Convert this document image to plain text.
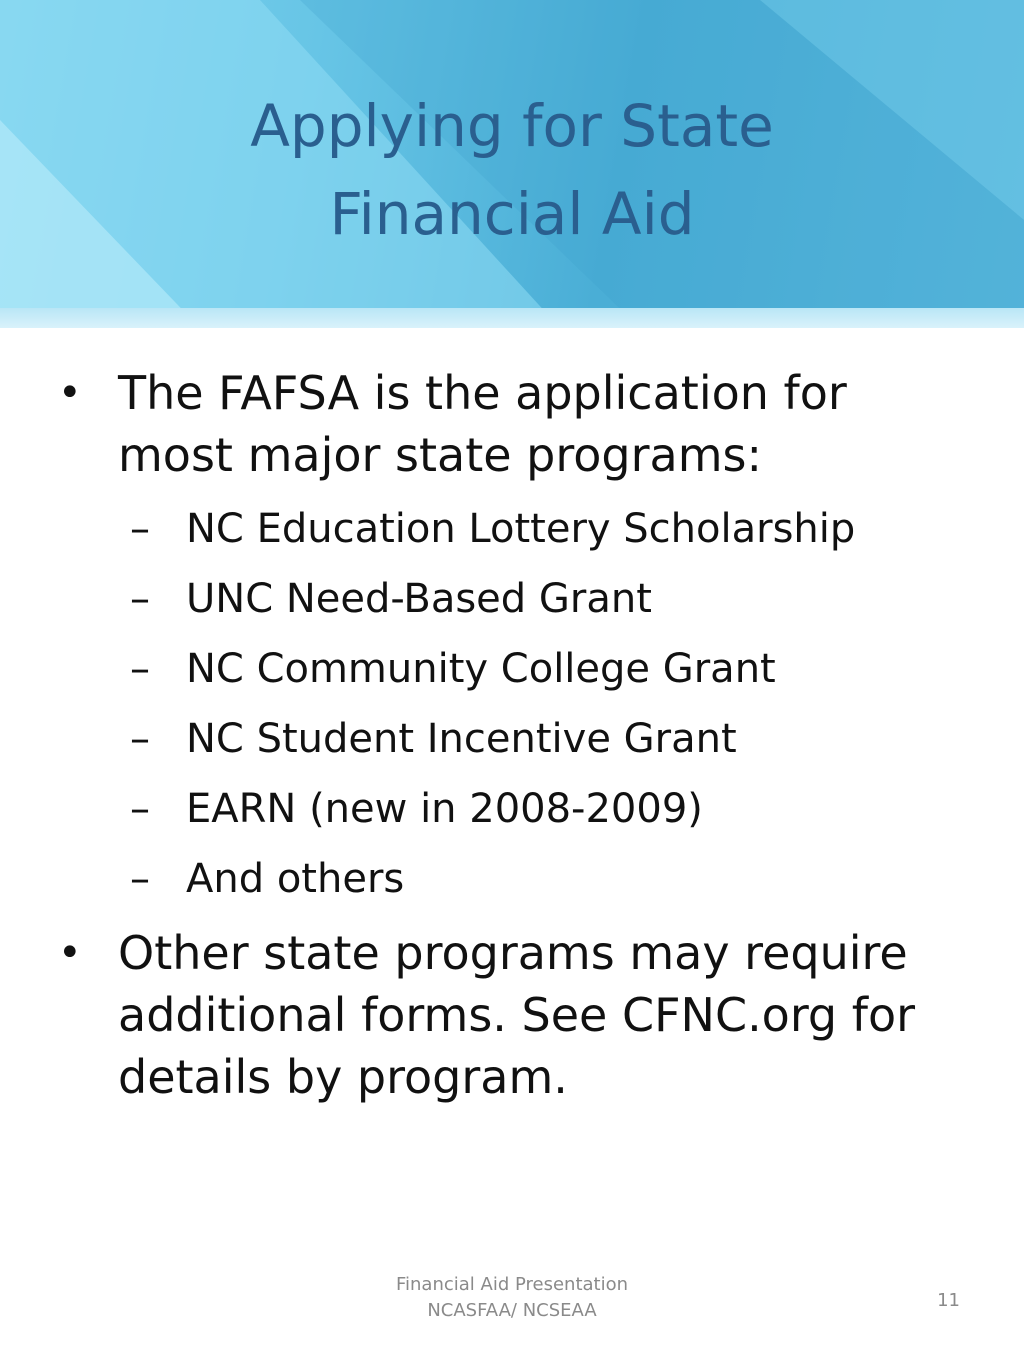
Applying for State
Financial Aid
• The FAFSA is the application for most major state programs:
– NC Education Lottery Scholarship
– UNC Need-Based Grant
– NC Community College Grant
– NC Student Incentive Grant
– EARN (new in 2008-2009)
– And others
• Other state programs may require additional forms. See CFNC.org for details by program.
Financial Aid Presentation
NCASFAA/ NCSEAA	11
